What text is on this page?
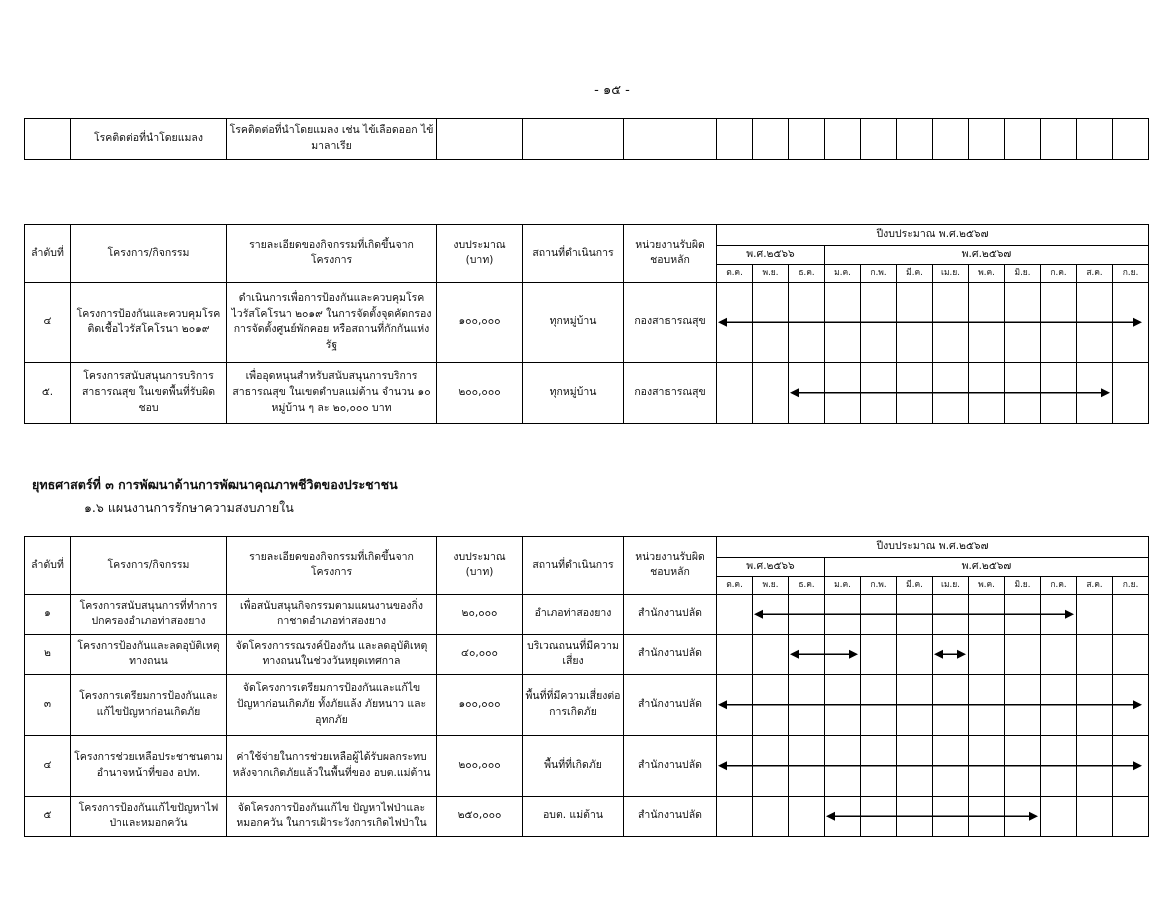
- ๑๕ -
	โรคติดต่อที่นำโดยแมลง	โรคติดต่อที่นำโดยแมลง เช่น ไข้เลือดออก ไข้มาลาเรีย															
ลำดับที่	โครงการ/กิจกรรม	รายละเอียดของกิจกรรมที่เกิดขึ้นจากโครงการ	งบประมาณ (บาท)	สถานที่ดำเนินการ	หน่วยงานรับผิดชอบหลัก	ปีงบประมาณ พ.ศ.๒๕๖๗											
						พ.ศ.๒๕๖๖			พ.ศ.๒๕๖๗								
						ต.ค.	พ.ย.	ธ.ค.	ม.ค.	ก.พ.	มี.ค.	เม.ย.	พ.ค.	มิ.ย.	ก.ค.	ส.ค.	ก.ย.
๔	โครงการป้องกันและควบคุมโรคติดเชื้อไวรัสโคโรนา ๒๐๑๙	ดำเนินการเพื่อการป้องกันและควบคุมโรคไวรัสโคโรนา ๒๐๑๙ ในการจัดตั้งจุดคัดกรอง การจัดตั้งศูนย์พักคอย หรือสถานที่กักกันแห่งรัฐ	๑๐๐,๐๐๐	ทุกหมู่บ้าน	กองสาธารณสุข												
๕.	โครงการสนับสนุนการบริการสาธารณสุข ในเขตพื้นที่รับผิดชอบ	เพื่ออุดหนุนสำหรับสนับสนุนการบริการสาธารณสุข ในเขตตำบลแม่ต้าน จำนวน ๑๐ หมู่บ้าน ๆ ละ ๒๐,๐๐๐ บาท	๒๐๐,๐๐๐	ทุกหมู่บ้าน	กองสาธารณสุข												
ยุทธศาสตร์ที่ ๓ การพัฒนาด้านการพัฒนาคุณภาพชีวิตของประชาชน
๑.๖ แผนงานการรักษาความสงบภายใน
ลำดับที่	โครงการ/กิจกรรม	รายละเอียดของกิจกรรมที่เกิดขึ้นจากโครงการ	งบประมาณ (บาท)	สถานที่ดำเนินการ	หน่วยงานรับผิดชอบหลัก	ปีงบประมาณ พ.ศ.๒๕๖๗											
						พ.ศ.๒๕๖๖			พ.ศ.๒๕๖๗								
						ต.ค.	พ.ย.	ธ.ค.	ม.ค.	ก.พ.	มี.ค.	เม.ย.	พ.ค.	มิ.ย.	ก.ค.	ส.ค.	ก.ย.
๑	โครงการสนับสนุนการที่ทำการปกครองอำเภอท่าสองยาง	เพื่อสนับสนุนกิจกรรมตามแผนงานของกิ่งกาชาดอำเภอท่าสองยาง	๒๐,๐๐๐	อำเภอท่าสองยาง	สำนักงานปลัด												
๒	โครงการป้องกันและลดอุบัติเหตุทางถนน	จัดโครงการรณรงค์ป้องกัน และลดอุบัติเหตุทางถนนในช่วงวันหยุดเทศกาล	๔๐,๐๐๐	บริเวณถนนที่มีความเสี่ยง	สำนักงานปลัด												
๓	โครงการเตรียมการป้องกันและแก้ไขปัญหาก่อนเกิดภัย	จัดโครงการเตรียมการป้องกันและแก้ไขปัญหาก่อนเกิดภัย ทั้งภัยแล้ง ภัยหนาว และอุทกภัย	๑๐๐,๐๐๐	พื้นที่ที่มีความเสี่ยงต่อการเกิดภัย	สำนักงานปลัด												
๔	โครงการช่วยเหลือประชาชนตามอำนาจหน้าที่ของ อปท.	ค่าใช้จ่ายในการช่วยเหลือผู้ได้รับผลกระทบหลังจากเกิดภัยแล้วในพื้นที่ของ อบต.แม่ต้าน	๒๐๐,๐๐๐	พื้นที่ที่เกิดภัย	สำนักงานปลัด												
๕	โครงการป้องกันแก้ไขปัญหาไฟป่าและหมอกควัน	จัดโครงการป้องกันแก้ไข ปัญหาไฟป่าและหมอกควัน ในการเฝ้าระวังการเกิดไฟป่าใน	๒๕๐,๐๐๐	อบต. แม่ต้าน	สำนักงานปลัด												
